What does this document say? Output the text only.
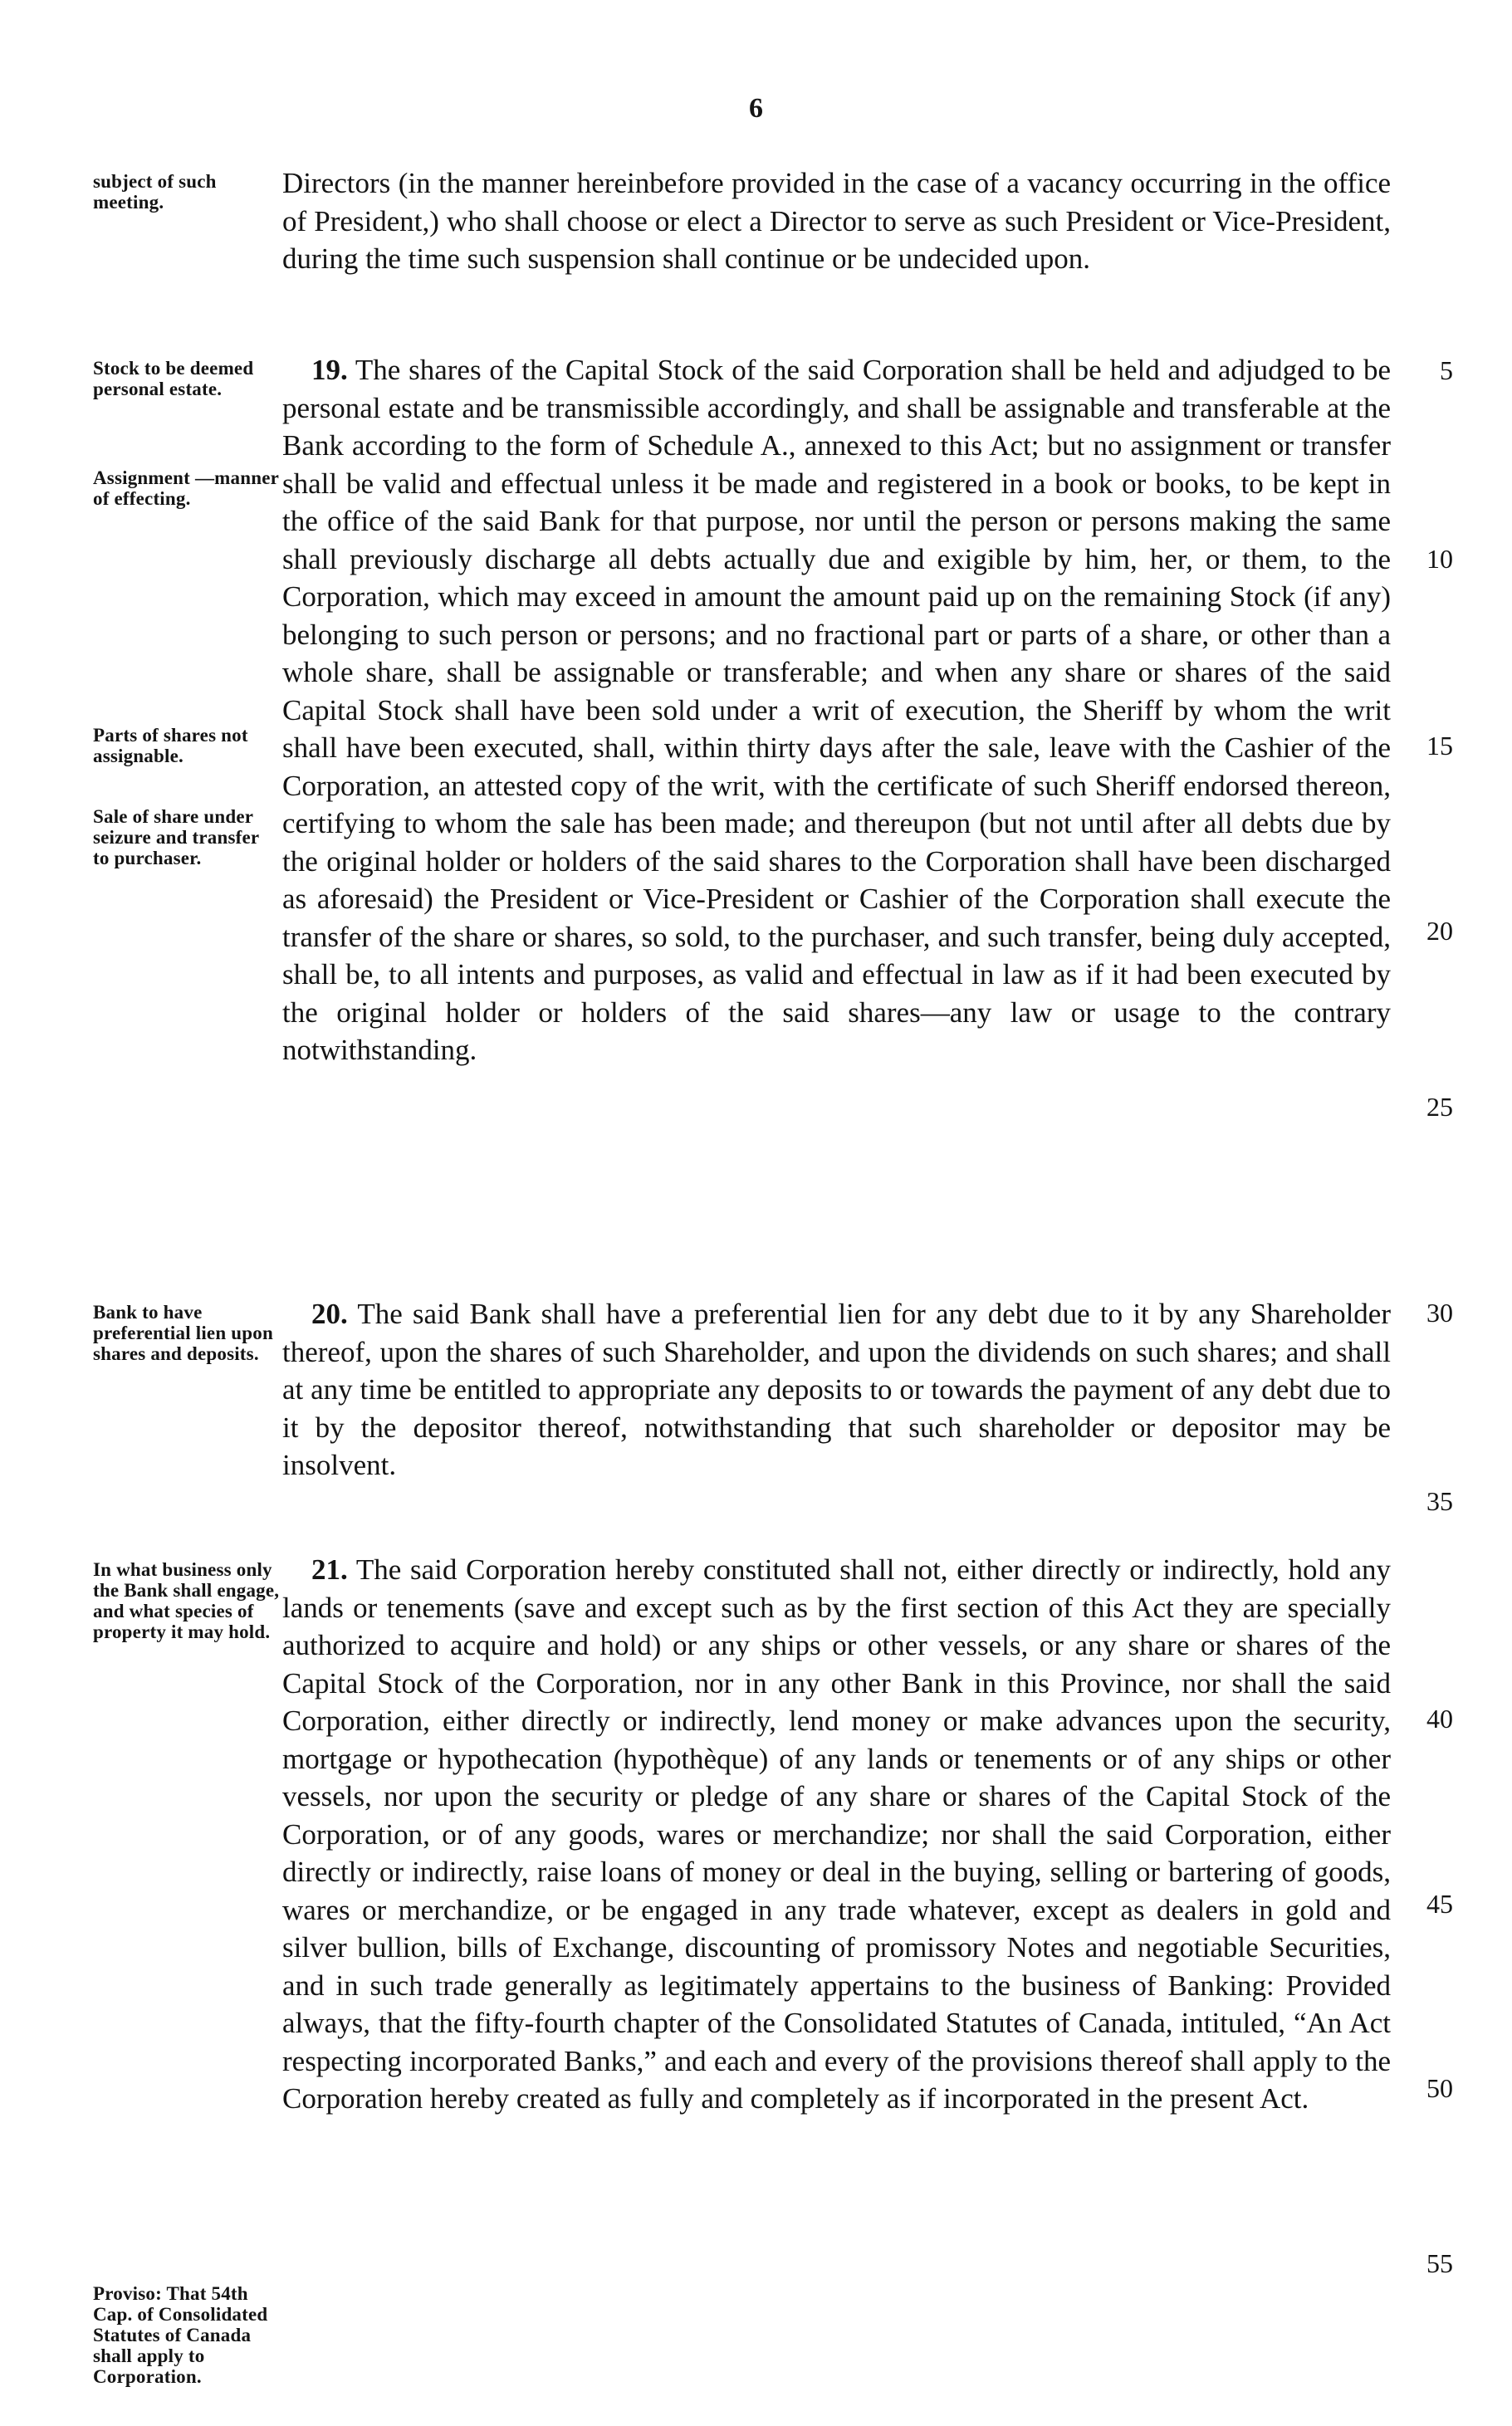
6
subject of such meeting.
Directors (in the manner hereinbefore provided in the case of a vacancy occurring in the office of President,) who shall choose or elect a Director to serve as such President or Vice-President, during the time such suspension shall continue or be undecided upon.
Stock to be deemed personal estate.
Assignment —manner of effecting.
Parts of shares not assignable.
Sale of share under seizure and transfer to purchaser.
 19. The shares of the Capital Stock of the said Corporation shall be held and adjudged to be personal estate and be transmissible accordingly, and shall be assignable and transferable at the Bank according to the form of Schedule A., annexed to this Act; but no assignment or transfer shall be valid and effectual unless it be made and registered in a book or books, to be kept in the office of the said Bank for that purpose, nor until the person or persons making the same shall previously discharge all debts actually due and exigible by him, her, or them, to the Corporation, which may exceed in amount the amount paid up on the remaining Stock (if any) belonging to such person or persons; and no fractional part or parts of a share, or other than a whole share, shall be assignable or transferable; and when any share or shares of the said Capital Stock shall have been sold under a writ of execution, the Sheriff by whom the writ shall have been executed, shall, within thirty days after the sale, leave with the Cashier of the Corporation, an attested copy of the writ, with the certificate of such Sheriff endorsed thereon, certifying to whom the sale has been made; and thereupon (but not until after all debts due by the original holder or holders of the said shares to the Corporation shall have been discharged as aforesaid) the President or Vice-President or Cashier of the Corporation shall execute the transfer of the share or shares, so sold, to the purchaser, and such transfer, being duly accepted, shall be, to all intents and purposes, as valid and effectual in law as if it had been executed by the original holder or holders of the said shares—any law or usage to the contrary notwithstanding.
Bank to have preferential lien upon shares and deposits.
 20. The said Bank shall have a preferential lien for any debt due to it by any Shareholder thereof, upon the shares of such Shareholder, and upon the dividends on such shares; and shall at any time be entitled to appropriate any deposits to or towards the payment of any debt due to it by the depositor thereof, notwithstanding that such shareholder or depositor may be insolvent.
In what business only the Bank shall engage, and what species of property it may hold.
Proviso: That 54th Cap. of Consolidated Statutes of Canada shall apply to Corporation.
 21. The said Corporation hereby constituted shall not, either directly or indirectly, hold any lands or tenements (save and except such as by the first section of this Act they are specially authorized to acquire and hold) or any ships or other vessels, or any share or shares of the Capital Stock of the Corporation, nor in any other Bank in this Province, nor shall the said Corporation, either directly or indirectly, lend money or make advances upon the security, mortgage or hypothecation (hypothèque) of any lands or tenements or of any ships or other vessels, nor upon the security or pledge of any share or shares of the Capital Stock of the Corporation, or of any goods, wares or merchandize; nor shall the said Corporation, either directly or indirectly, raise loans of money or deal in the buying, selling or bartering of goods, wares or merchandize, or be engaged in any trade whatever, except as dealers in gold and silver bullion, bills of Exchange, discounting of promissory Notes and negotiable Securities, and in such trade generally as legitimately appertains to the business of Banking: Provided always, that the fifty-fourth chapter of the Consolidated Statutes of Canada, intituled, “An Act respecting incorporated Banks,” and each and every of the provisions thereof shall apply to the Corporation hereby created as fully and completely as if incorporated in the present Act.
5
10
15
20
25
30
35
40
45
50
55
